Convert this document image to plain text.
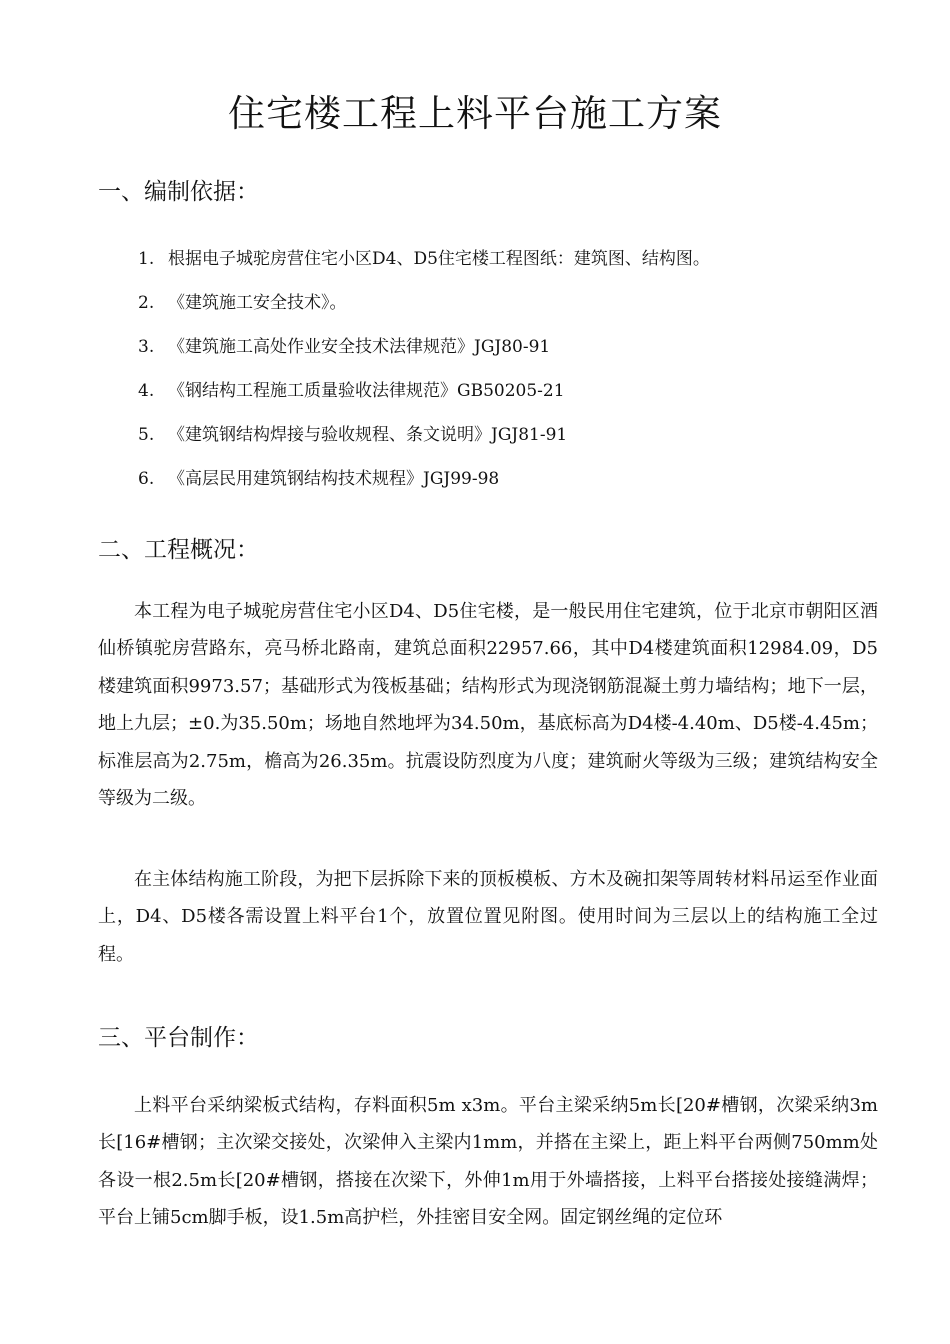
住宅楼工程上料平台施工方案
一、编制依据：
1. 根据电子城驼房营住宅小区D4、D5住宅楼工程图纸：建筑图、结构图。
2. 《建筑施工安全技术》。
3. 《建筑施工高处作业安全技术法律规范》JGJ80-91
4. 《钢结构工程施工质量验收法律规范》GB50205-21
5. 《建筑钢结构焊接与验收规程、条文说明》JGJ81-91
6. 《高层民用建筑钢结构技术规程》JGJ99-98
二、工程概况：

本工程为电子城驼房营住宅小区D4、D5住宅楼，是一般民用住宅建筑，位于北京市朝阳区酒仙桥镇驼房营路东，亮马桥北路南，建筑总面积22957.66，其中D4楼建筑面积12984.09，D5楼建筑面积9973.57；基础形式为筏板基础；结构形式为现浇钢筋混凝土剪力墙结构；地下一层，地上九层；±0.为35.50m；场地自然地坪为34.50m，基底标高为D4楼-4.40m、D5楼-4.45m；标准层高为2.75m，檐高为26.35m。抗震设防烈度为八度；建筑耐火等级为三级；建筑结构安全等级为二级。

在主体结构施工阶段，为把下层拆除下来的顶板模板、方木及碗扣架等周转材料吊运至作业面上，D4、D5楼各需设置上料平台1个，放置位置见附图。使用时间为三层以上的结构施工全过程。

三、平台制作：

上料平台采纳梁板式结构，存料面积5m x3m。平台主梁采纳5m长[20#槽钢，次梁采纳3m长[16#槽钢；主次梁交接处，次梁伸入主梁内1mm，并搭在主梁上，距上料平台两侧750mm处各设一根2.5m长[20#槽钢，搭接在次梁下，外伸1m用于外墙搭接，上料平台搭接处接缝满焊；平台上铺5cm脚手板，设1.5m高护栏，外挂密目安全网。固定钢丝绳的定位环
